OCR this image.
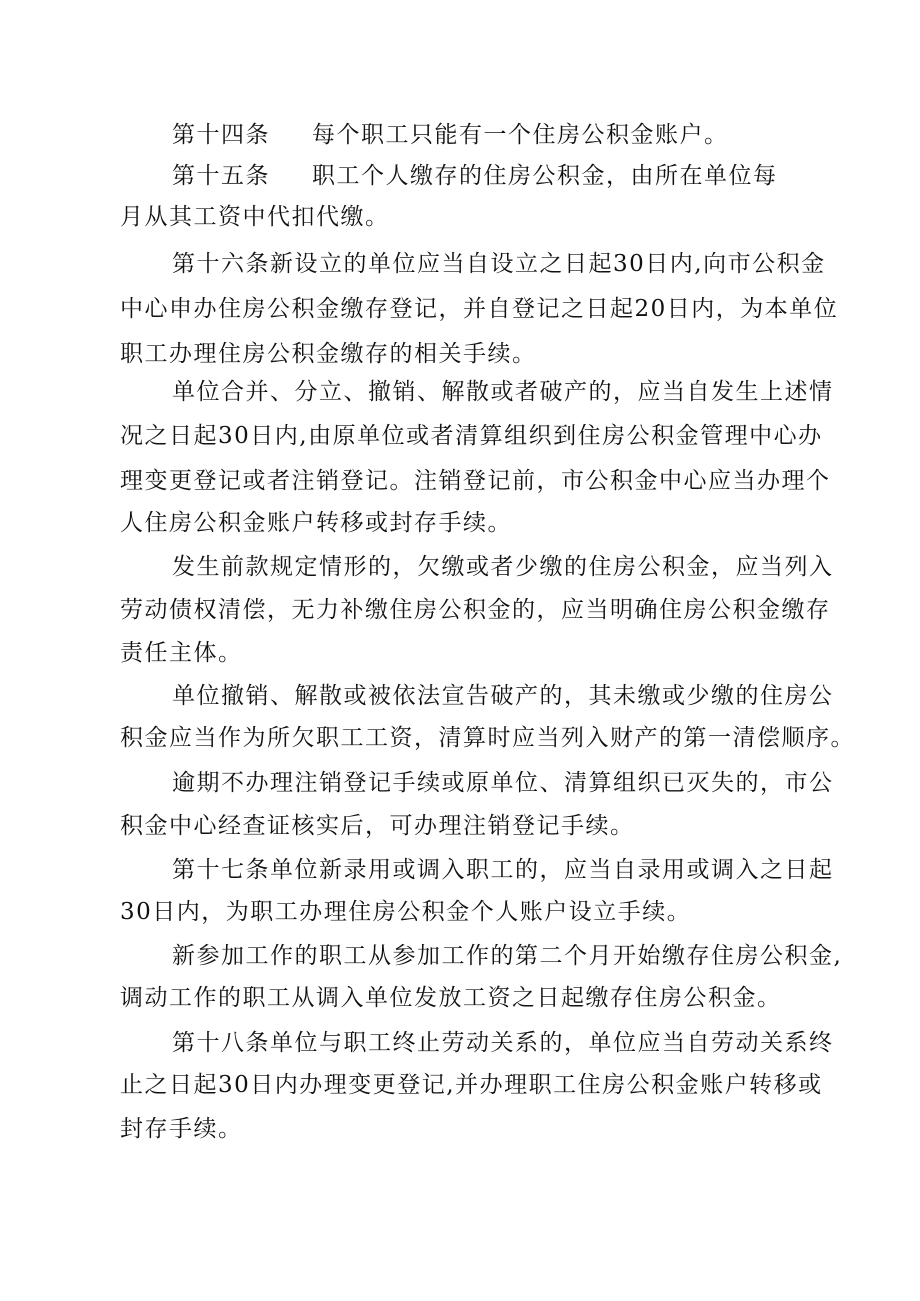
第十四条 每个职工只能有一个住房公积金账户。
第十五条 职工个人缴存的住房公积金，由所在单位每
月从其工资中代扣代缴。
第十六条新设立的单位应当自设立之日起30日内,向市公积金
中心申办住房公积金缴存登记，并自登记之日起20日内，为本单位
职工办理住房公积金缴存的相关手续。
单位合并、分立、撤销、解散或者破产的，应当自发生上述情
况之日起30日内,由原单位或者清算组织到住房公积金管理中心办
理变更登记或者注销登记。注销登记前，市公积金中心应当办理个
人住房公积金账户转移或封存手续。
发生前款规定情形的，欠缴或者少缴的住房公积金，应当列入
劳动债权清偿，无力补缴住房公积金的，应当明确住房公积金缴存
责任主体。
单位撤销、解散或被依法宣告破产的，其未缴或少缴的住房公
积金应当作为所欠职工工资，清算时应当列入财产的第一清偿顺序。
逾期不办理注销登记手续或原单位、清算组织已灭失的，市公
积金中心经查证核实后，可办理注销登记手续。
第十七条单位新录用或调入职工的，应当自录用或调入之日起
30日内，为职工办理住房公积金个人账户设立手续。
新参加工作的职工从参加工作的第二个月开始缴存住房公积金,
调动工作的职工从调入单位发放工资之日起缴存住房公积金。
第十八条单位与职工终止劳动关系的，单位应当自劳动关系终
止之日起30日内办理变更登记,并办理职工住房公积金账户转移或
封存手续。
